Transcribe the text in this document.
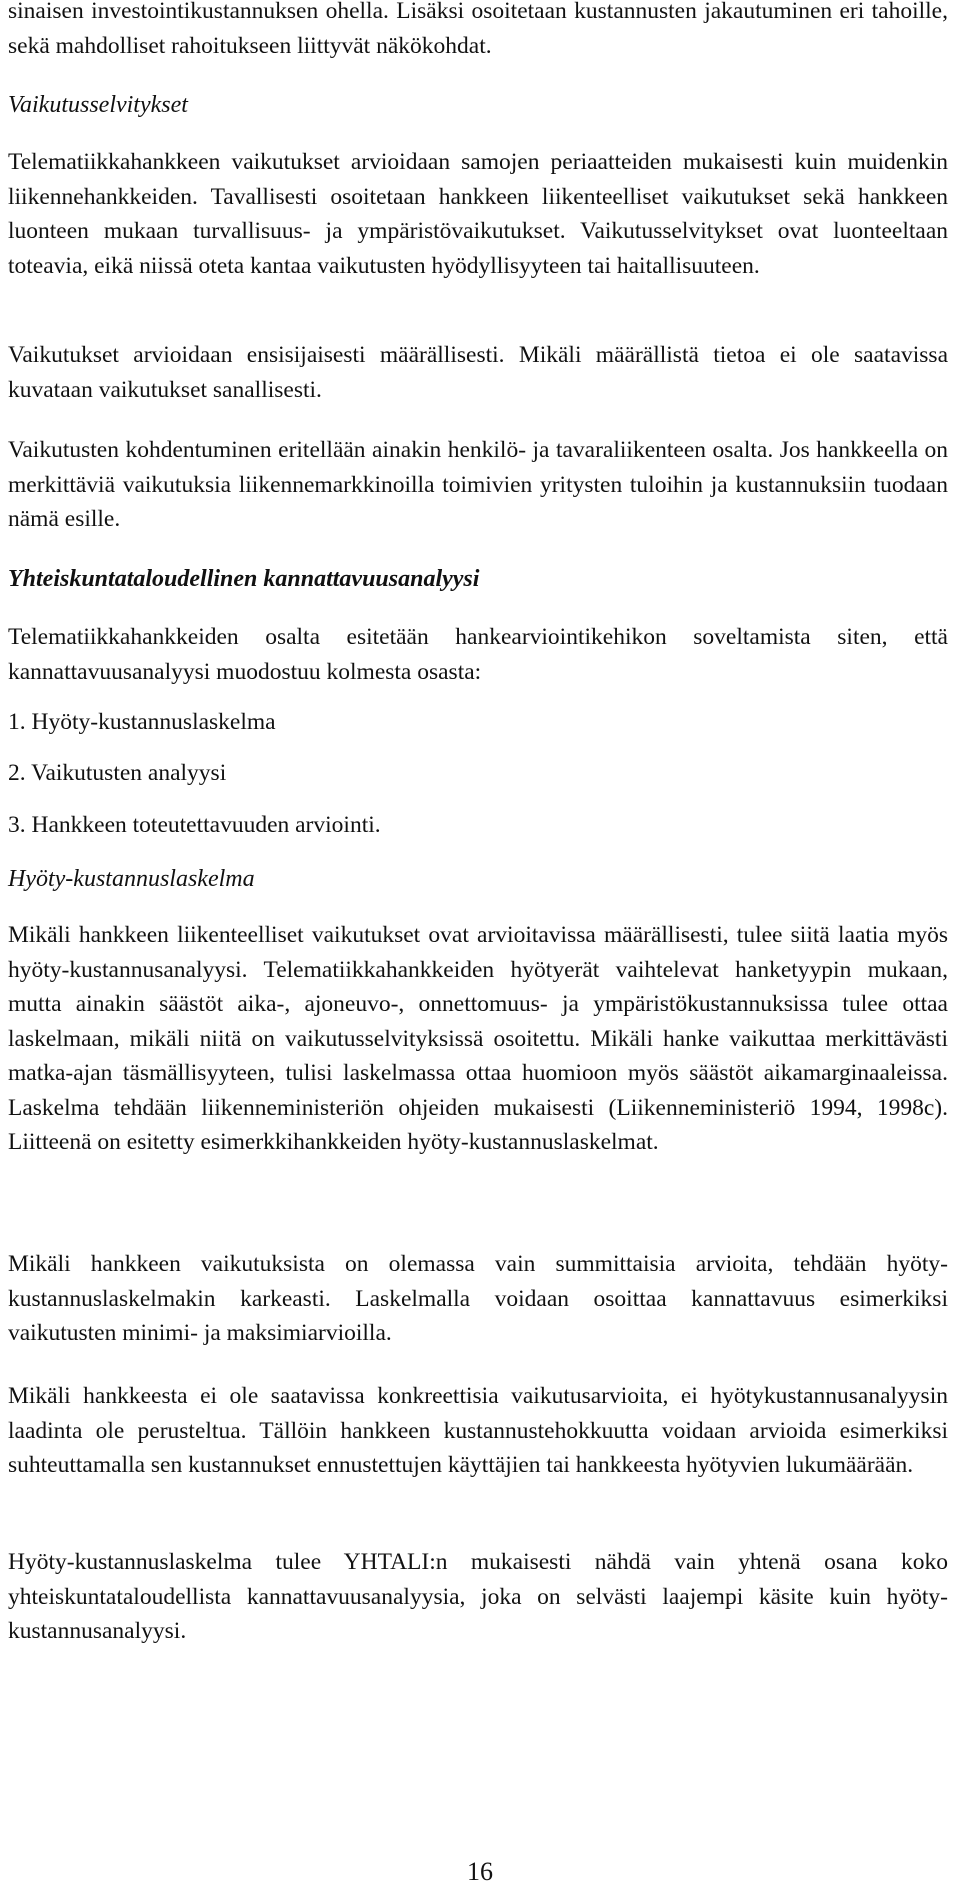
sinaisen investointikustannuksen ohella. Lisäksi osoitetaan kustannusten jakautuminen eri tahoille, sekä mahdolliset rahoitukseen liittyvät näkökohdat.

Vaikutusselvitykset

Telematiikkahankkeen vaikutukset arvioidaan samojen periaatteiden mukaisesti kuin muidenkin liikennehankkeiden. Tavallisesti osoitetaan hankkeen liikenteelliset vaikutukset sekä hankkeen luonteen mukaan turvallisuus- ja ympäristövaikutukset. Vaikutusselvitykset ovat luonteeltaan toteavia, eikä niissä oteta kantaa vaikutusten hyödyllisyyteen tai haitallisuuteen.

Vaikutukset arvioidaan ensisijaisesti määrällisesti. Mikäli määrällistä tietoa ei ole saatavissa kuvataan vaikutukset sanallisesti.

Vaikutusten kohdentuminen eritellään ainakin henkilö- ja tavaraliikenteen osalta. Jos hankkeella on merkittäviä vaikutuksia liikennemarkkinoilla toimivien yritysten tuloihin ja kustannuksiin tuodaan nämä esille.

Yhteiskuntataloudellinen kannattavuusanalyysi

Telematiikkahankkeiden osalta esitetään hankearviointikehikon soveltamista siten, että kannattavuusanalyysi muodostuu kolmesta osasta:

1. Hyöty-kustannuslaskelma
2. Vaikutusten analyysi
3. Hankkeen toteutettavuuden arviointi.
Hyöty-kustannuslaskelma

Mikäli hankkeen liikenteelliset vaikutukset ovat arvioitavissa määrällisesti, tulee siitä laatia myös hyöty-kustannusanalyysi. Telematiikkahankkeiden hyötyerät vaihtelevat hanketyypin mukaan, mutta ainakin säästöt aika-, ajoneuvo-, onnettomuus- ja ympäristökustannuksissa tulee ottaa laskelmaan, mikäli niitä on vaikutusselvityksissä osoitettu. Mikäli hanke vaikuttaa merkittävästi matka-ajan täsmällisyyteen, tulisi laskelmassa ottaa huomioon myös säästöt aikamarginaaleissa. Laskelma tehdään liikenneministeriön ohjeiden mukaisesti (Liikenneministeriö 1994, 1998c). Liitteenä on esitetty esimerkkihankkeiden hyöty-kustannuslaskelmat.

Mikäli hankkeen vaikutuksista on olemassa vain summittaisia arvioita, tehdään hyöty-kustannuslaskelmakin karkeasti. Laskelmalla voidaan osoittaa kannattavuus esimerkiksi vaikutusten minimi- ja maksimiarvioilla.

Mikäli hankkeesta ei ole saatavissa konkreettisia vaikutusarvioita, ei hyötykustannusanalyysin laadinta ole perusteltua. Tällöin hankkeen kustannustehokkuutta voidaan arvioida esimerkiksi suhteuttamalla sen kustannukset ennustettujen käyttäjien tai hankkeesta hyötyvien lukumäärään.

Hyöty-kustannuslaskelma tulee YHTALI:n mukaisesti nähdä vain yhtenä osana koko yhteiskuntataloudellista kannattavuusanalyysia, joka on selvästi laajempi käsite kuin hyöty-kustannusanalyysi.

16
